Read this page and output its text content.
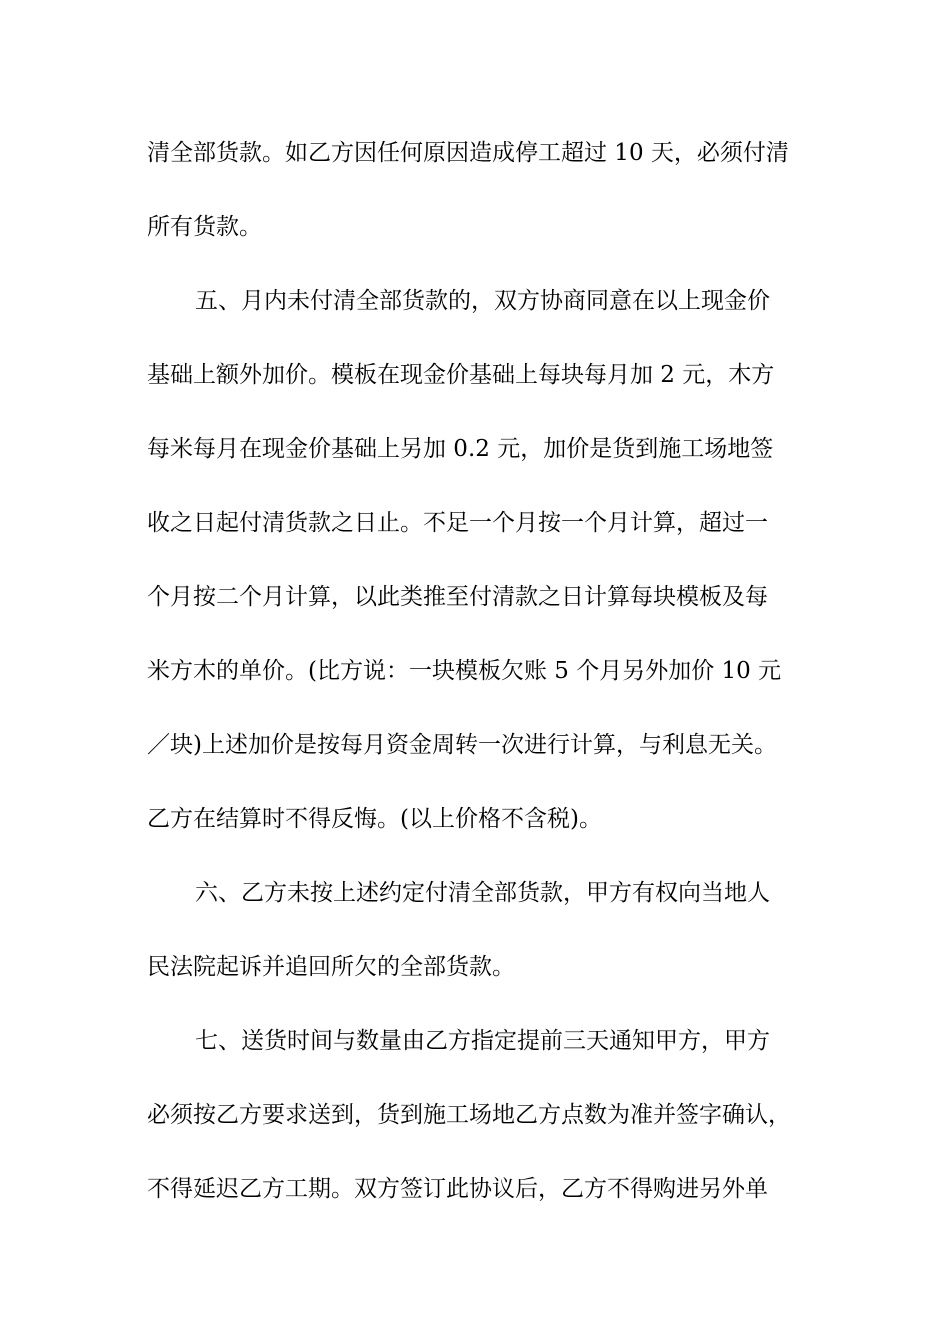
清全部货款。如乙方因任何原因造成停工超过 10 天，必须付清
所有货款。
五、月内未付清全部货款的，双方协商同意在以上现金价
基础上额外加价。模板在现金价基础上每块每月加 2 元，木方
每米每月在现金价基础上另加 0.2 元，加价是货到施工场地签
收之日起付清货款之日止。不足一个月按一个月计算，超过一
个月按二个月计算，以此类推至付清款之日计算每块模板及每
米方木的单价。(比方说：一块模板欠账 5 个月另外加价 10 元
／块)上述加价是按每月资金周转一次进行计算，与利息无关。
乙方在结算时不得反悔。(以上价格不含税)。
六、乙方未按上述约定付清全部货款，甲方有权向当地人
民法院起诉并追回所欠的全部货款。
七、送货时间与数量由乙方指定提前三天通知甲方，甲方
必须按乙方要求送到，货到施工场地乙方点数为准并签字确认，
不得延迟乙方工期。双方签订此协议后，乙方不得购进另外单
